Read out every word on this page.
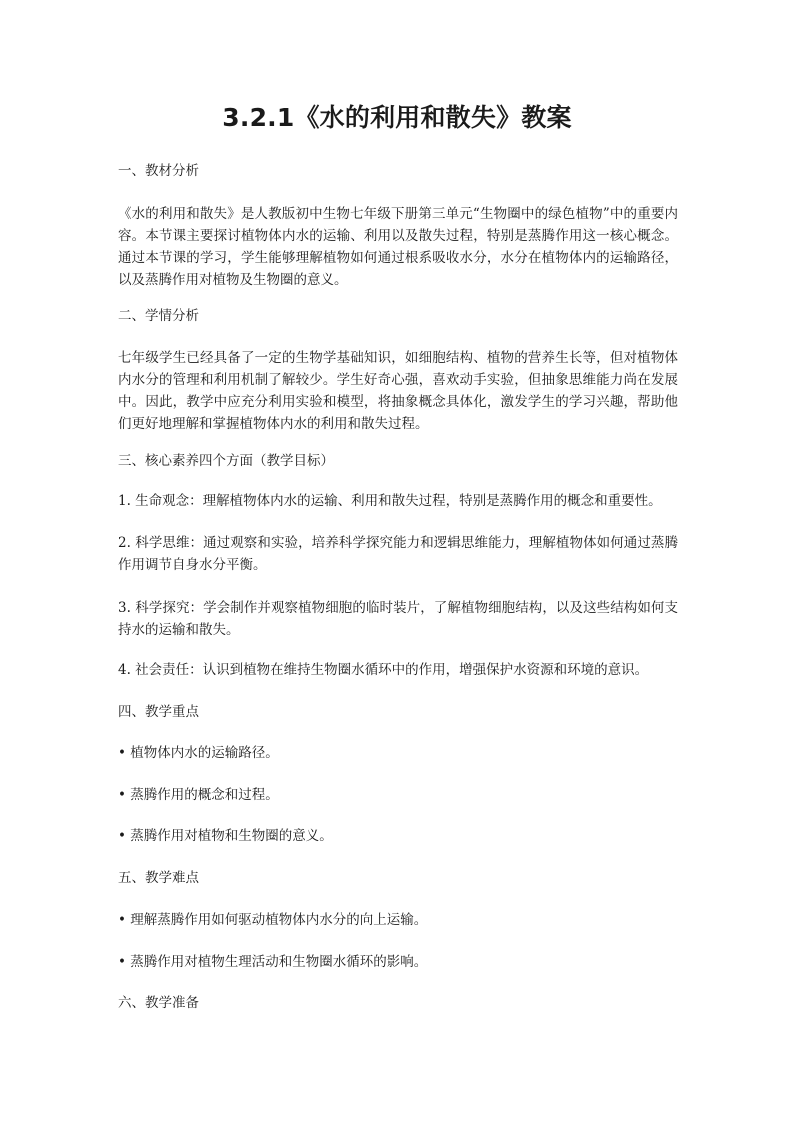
3.2.1《水的利用和散失》教案
一、教材分析
《水的利用和散失》是人教版初中生物七年级下册第三单元“生物圈中的绿色植物”中的重要内容。本节课主要探讨植物体内水的运输、利用以及散失过程，特别是蒸腾作用这一核心概念。通过本节课的学习，学生能够理解植物如何通过根系吸收水分，水分在植物体内的运输路径，以及蒸腾作用对植物及生物圈的意义。
二、学情分析
七年级学生已经具备了一定的生物学基础知识，如细胞结构、植物的营养生长等，但对植物体内水分的管理和利用机制了解较少。学生好奇心强，喜欢动手实验，但抽象思维能力尚在发展中。因此，教学中应充分利用实验和模型，将抽象概念具体化，激发学生的学习兴趣，帮助他们更好地理解和掌握植物体内水的利用和散失过程。
三、核心素养四个方面（教学目标）
1. 生命观念：理解植物体内水的运输、利用和散失过程，特别是蒸腾作用的概念和重要性。
2. 科学思维：通过观察和实验，培养科学探究能力和逻辑思维能力，理解植物体如何通过蒸腾作用调节自身水分平衡。
3. 科学探究：学会制作并观察植物细胞的临时装片，了解植物细胞结构，以及这些结构如何支持水的运输和散失。
4. 社会责任：认识到植物在维持生物圈水循环中的作用，增强保护水资源和环境的意识。
四、教学重点
• 植物体内水的运输路径。
• 蒸腾作用的概念和过程。
• 蒸腾作用对植物和生物圈的意义。
五、教学难点
• 理解蒸腾作用如何驱动植物体内水分的向上运输。
• 蒸腾作用对植物生理活动和生物圈水循环的影响。
六、教学准备
